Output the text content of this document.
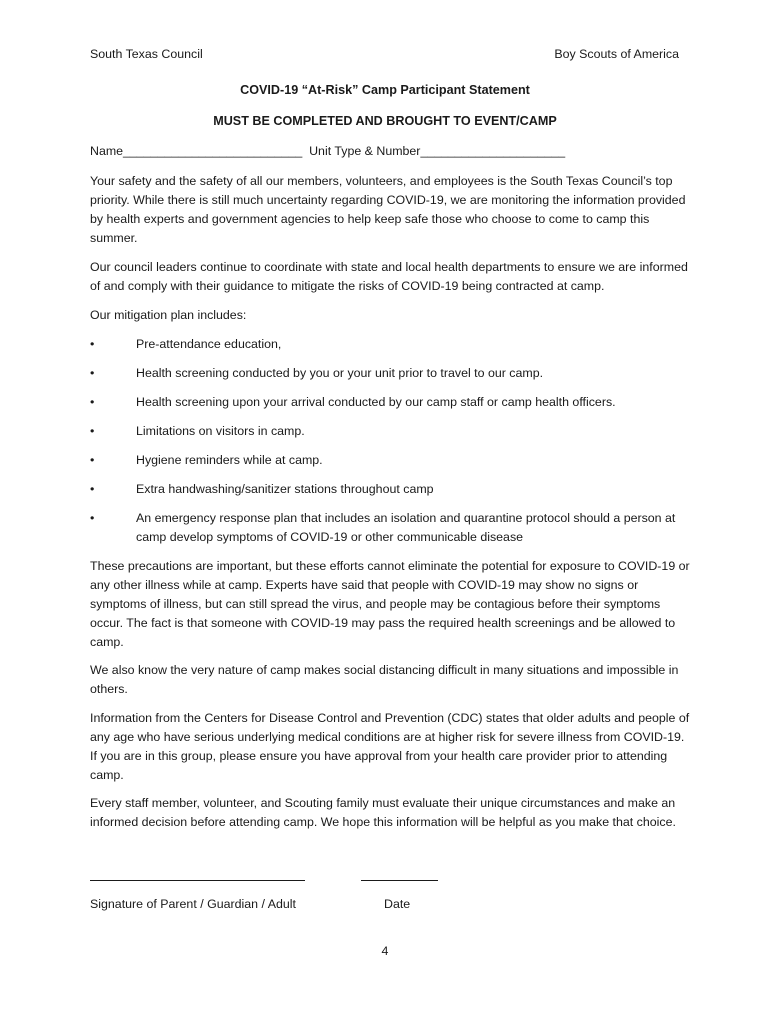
South Texas Council	Boy Scouts of America
COVID-19 “At-Risk” Camp Participant Statement
MUST BE COMPLETED AND BROUGHT TO EVENT/CAMP
Name__________________________  Unit Type & Number_____________________

Your safety and the safety of all our members, volunteers, and employees is the South Texas Council’s top priority. While there is still much uncertainty regarding COVID-19, we are monitoring the information provided by health experts and government agencies to help keep safe those who choose to come to camp this summer.

Our council leaders continue to coordinate with state and local health departments to ensure we are informed of and comply with their guidance to mitigate the risks of COVID-19 being contracted at camp.

Our mitigation plan includes:

•	Pre-attendance education,
•	Health screening conducted by you or your unit prior to travel to our camp.
•	Health screening upon your arrival conducted by our camp staff or camp health officers.
•	Limitations on visitors in camp.
•	Hygiene reminders while at camp.
•	Extra handwashing/sanitizer stations throughout camp
•	An emergency response plan that includes an isolation and quarantine protocol should a person at camp develop symptoms of COVID-19 or other communicable disease

These precautions are important, but these efforts cannot eliminate the potential for exposure to COVID-19 or any other illness while at camp. Experts have said that people with COVID-19 may show no signs or symptoms of illness, but can still spread the virus, and people may be contagious before their symptoms occur. The fact is that someone with COVID-19 may pass the required health screenings and be allowed to camp.

We also know the very nature of camp makes social distancing difficult in many situations and impossible in others.

Information from the Centers for Disease Control and Prevention (CDC) states that older adults and people of any age who have serious underlying medical conditions are at higher risk for severe illness from COVID-19. If you are in this group, please ensure you have approval from your health care provider prior to attending camp.

Every staff member, volunteer, and Scouting family must evaluate their unique circumstances and make an informed decision before attending camp. We hope this information will be helpful as you make that choice.

Signature of Parent / Guardian / Adult	Date
4
